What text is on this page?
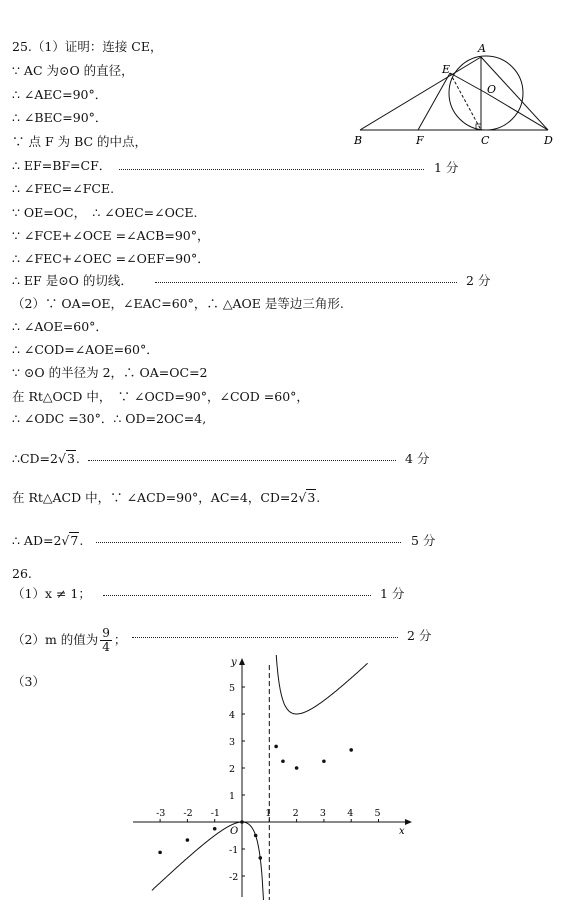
25.（1）证明：连接 CE，
∵ AC 为⊙O 的直径，
∴ ∠AEC=90°．
∴ ∠BEC=90°．
∵ 点 F 为 BC 的中点，
∴ EF=BF=CF．
∴ ∠FEC=∠FCE.
∵ OE=OC，　∴ ∠OEC=∠OCE.
∵ ∠FCE+∠OCE =∠ACB=90°，
∴ ∠FEC+∠OEC =∠OEF=90°．
∴ EF 是⊙O 的切线．
（2）∵ OA=OE，∠EAC=60°，∴ △AOE 是等边三角形.
∴ ∠AOE=60°．
∴ ∠COD=∠AOE=60°．
∵ ⊙O 的半径为 2，∴ OA=OC=2
在 Rt△OCD 中，　∵ ∠OCD=90°，∠COD =60°，
∴ ∠ODC =30°．∴ OD=2OC=4,
1 分
2 分
∴CD=2√3.	4 分
在 Rt△ACD 中，∵ ∠ACD=90°，AC=4，CD=2√3.
∴ AD=2√7.	5 分
A
E
O
B	F	C	D
26.
（1）x ≠ 1；	1 分
（2）m 的值为 $\frac{9}{4}$ ；	2 分
（3）
x
y
O
-3 -2 -1	1 2 3 4 5
5
4
3
2
1
-1
-2
